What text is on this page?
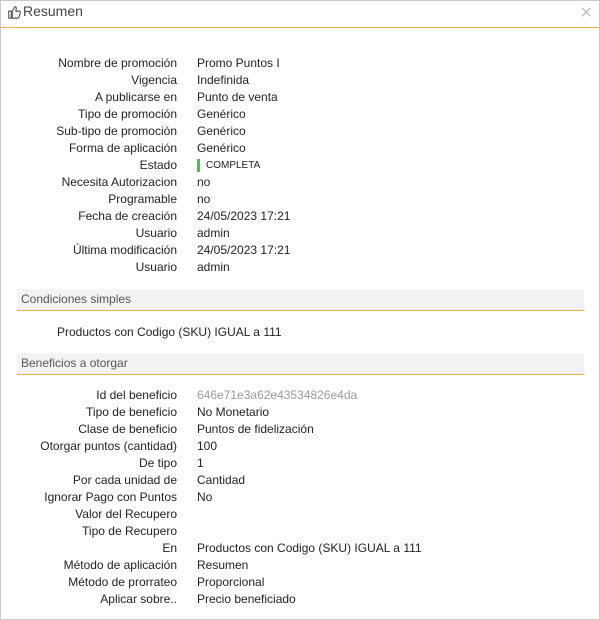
Resumen	✕
Nombre de promoción Promo Puntos I
Vigencia Indefinida
A publicarse en Punto de venta
Tipo de promoción Genérico
Sub-tipo de promoción Genérico
Forma de aplicación Genérico
Estado	COMPLETA
Necesita Autorizacion no
Programable no
Fecha de creación 24/05/2023 17:21
Usuario admin
Última modificación 24/05/2023 17:21
Usuario admin
Condiciones simples
Productos con Codigo (SKU) IGUAL a 111
Beneficios a otorgar
Id del beneficio 646e71e3a62e43534826e4da
Tipo de beneficio No Monetario
Clase de beneficio Puntos de fidelización
Otorgar puntos (cantidad) 100
De tipo 1
Por cada unidad de Cantidad
Ignorar Pago con Puntos No
Valor del Recupero
Tipo de Recupero
En Productos con Codigo (SKU) IGUAL a 111
Método de aplicación Resumen
Método de prorrateo Proporcional
Aplicar sobre.. Precio beneficiado
